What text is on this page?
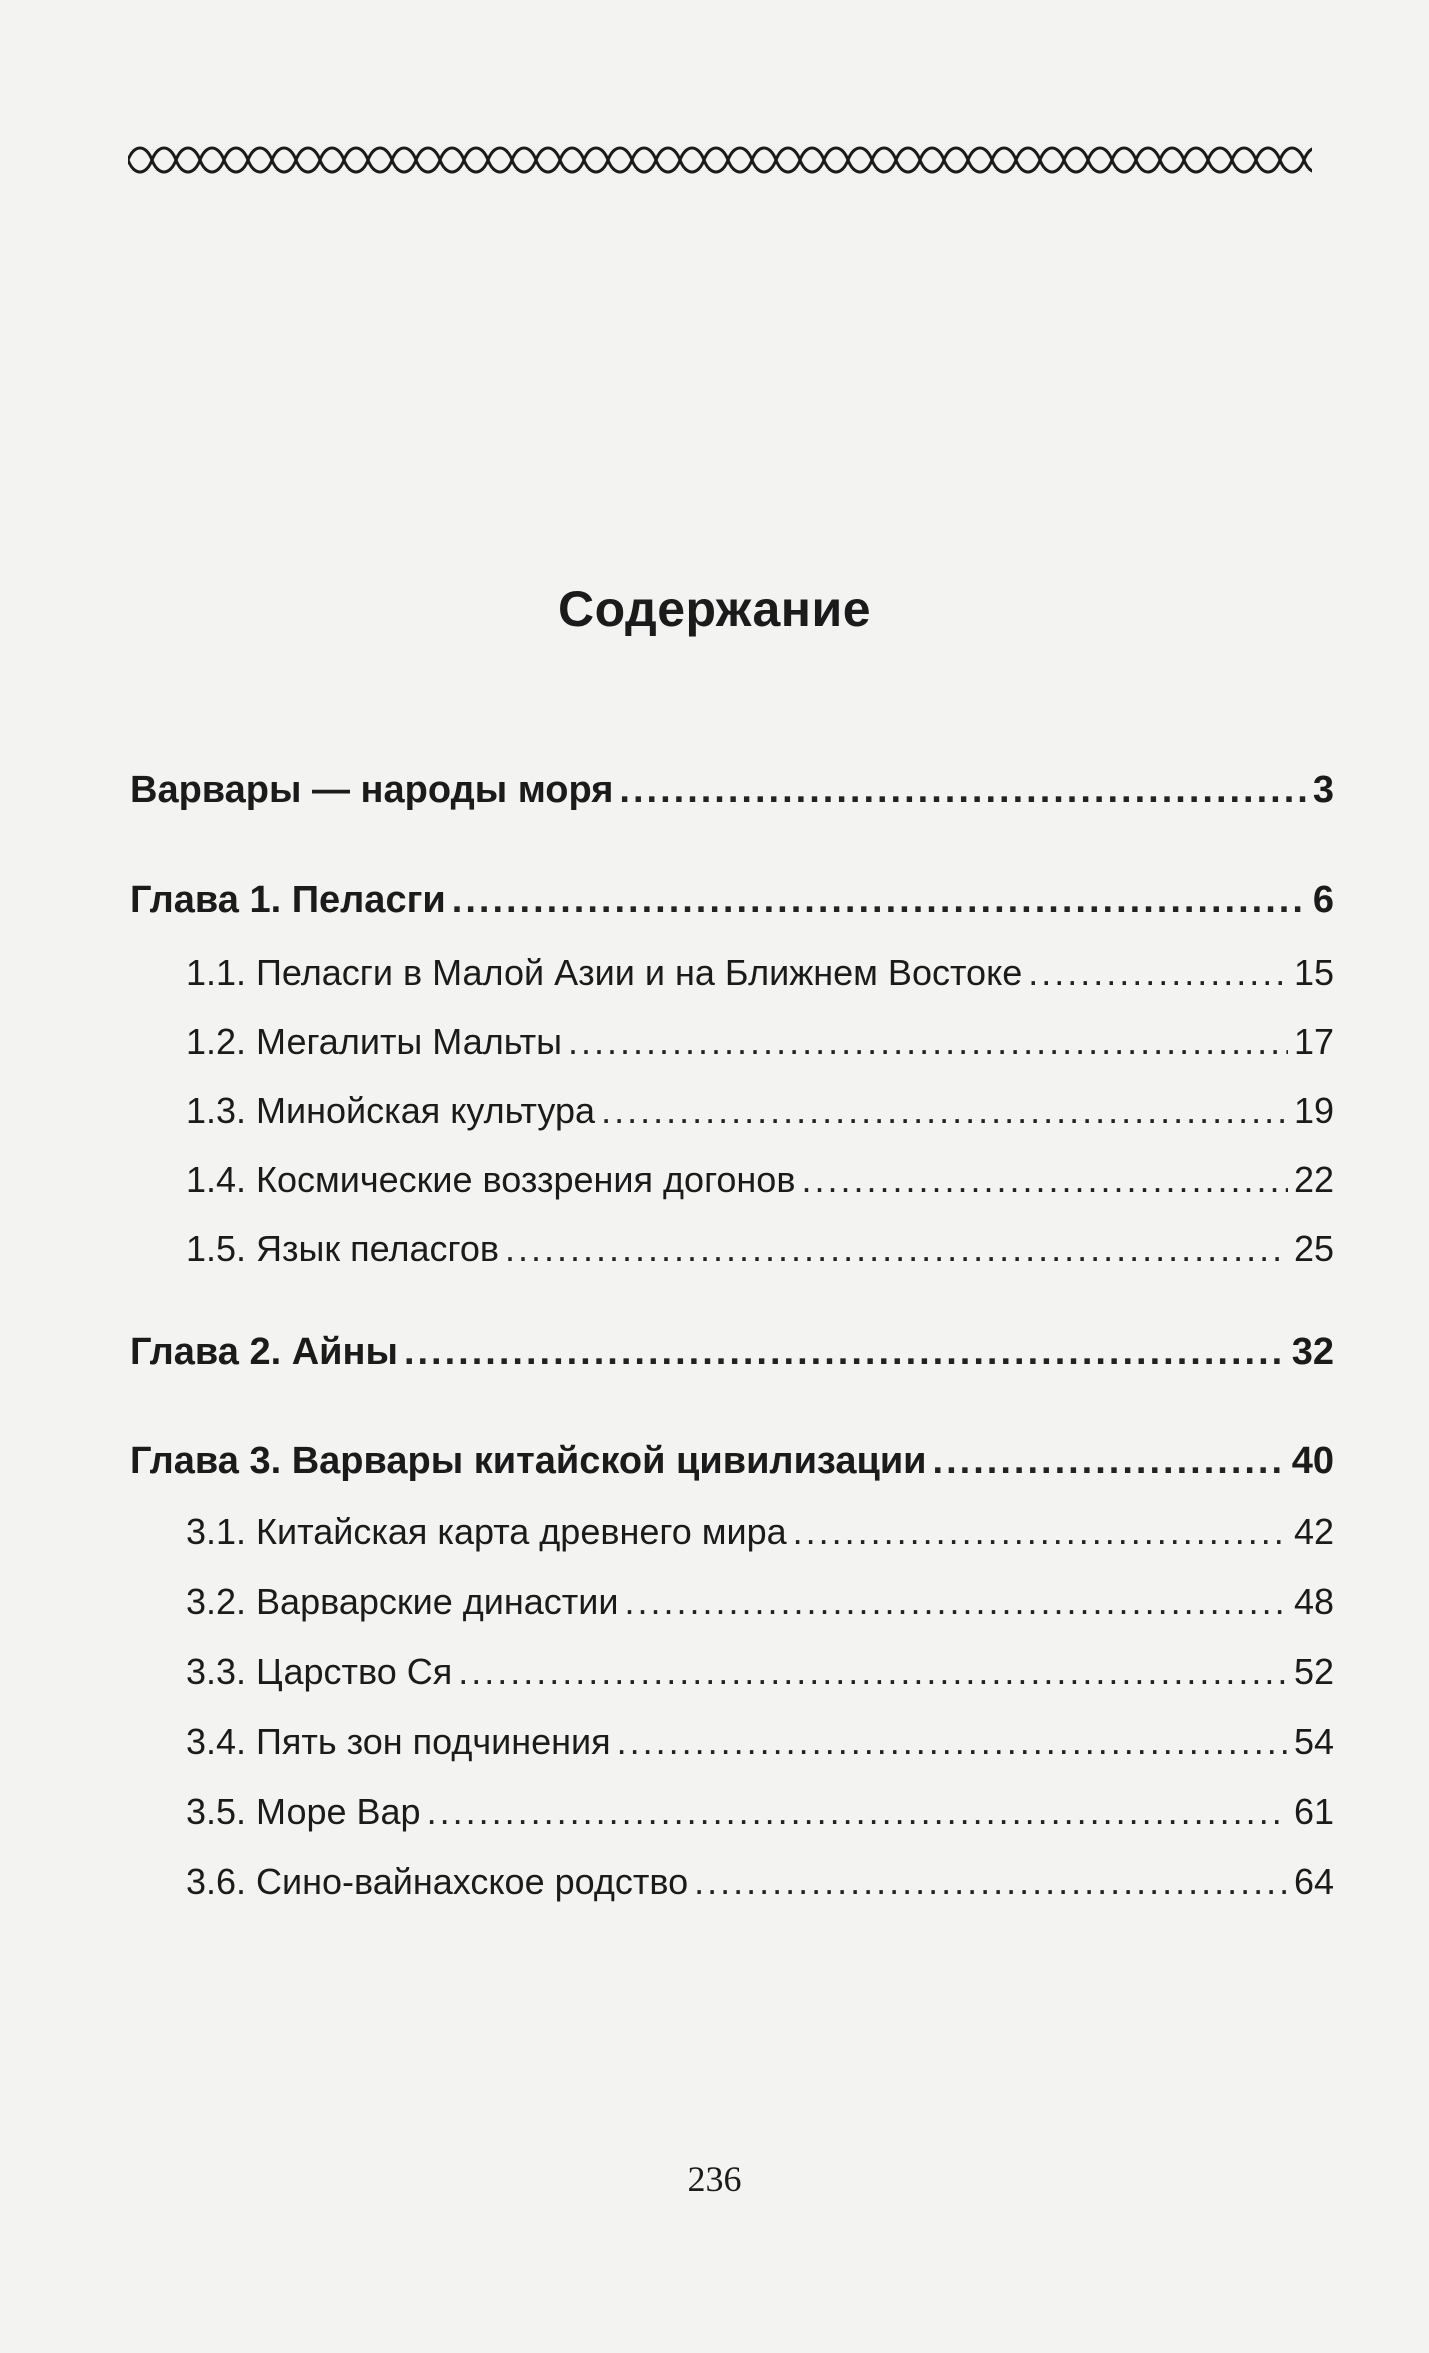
Содержание
Варвары — народы моря .....	3
Глава 1. Пеласги .....	6
1.1. Пеласги в Малой Азии и на Ближнем Востоке .....	15
1.2. Мегалиты Мальты .....	17
1.3. Минойская культура .....	19
1.4. Космические воззрения догонов .....	22
1.5. Язык пеласгов .....	25
Глава 2. Айны .....	32
Глава 3. Варвары китайской цивилизации .....	40
3.1. Китайская карта древнего мира .....	42
3.2. Варварские династии .....	48
3.3. Царство Ся .....	52
3.4. Пять зон подчинения .....	54
3.5. Море Вар .....	61
3.6. Сино-вайнахское родство .....	64
236
